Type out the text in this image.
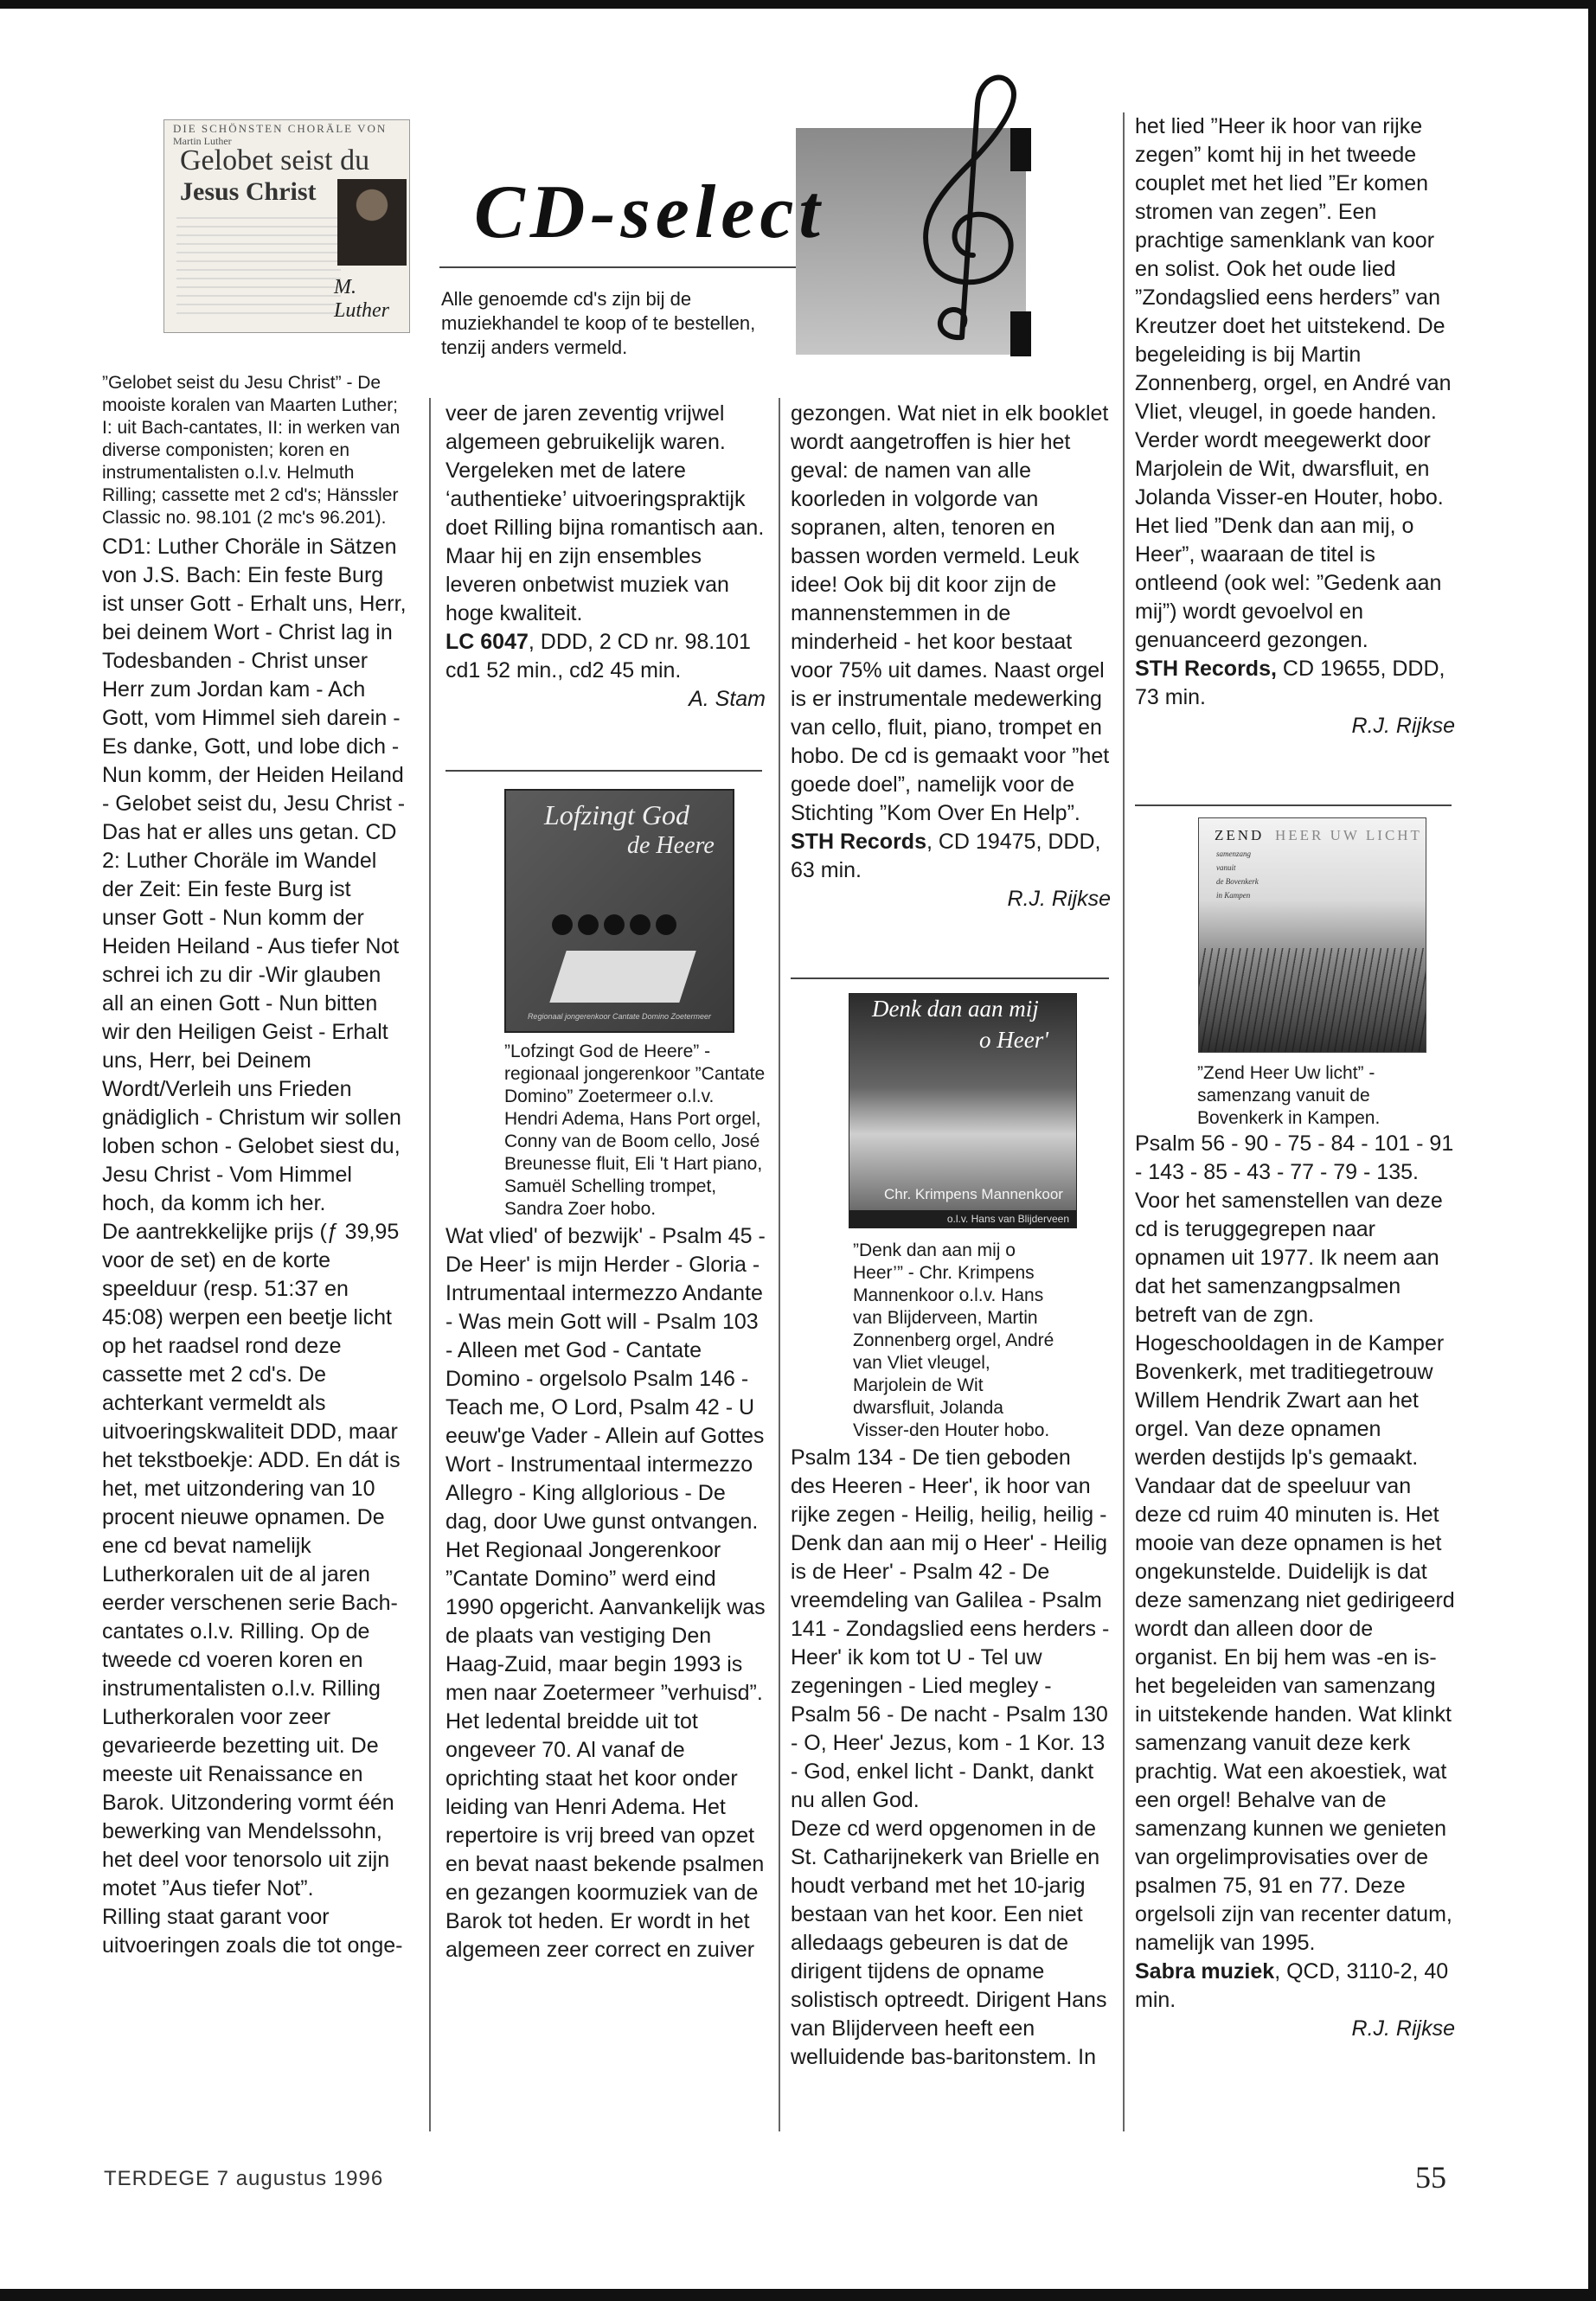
DIE SCHÖNSTEN CHORÄLE VON
Martin Luther
Gelobet seist du
Jesus Christ
M. Luther
CD-select
Alle genoemde cd's zijn bij de muziekhandel te koop of te bestellen, tenzij anders vermeld.

”Gelobet seist du Jesu Christ” - De mooiste koralen van Maarten Luther; I: uit Bach-cantates, II: in werken van diverse componisten; koren en instrumentalisten o.l.v. Helmuth Rilling; cassette met 2 cd's; Hänssler Classic no. 98.101 (2 mc's 96.201).

CD1: Luther Choräle in Sätzen von J.S. Bach: Ein feste Burg ist unser Gott - Erhalt uns, Herr, bei deinem Wort - Christ lag in Todesbanden - Christ unser Herr zum Jordan kam - Ach Gott, vom Himmel sieh darein - Es danke, Gott, und lobe dich - Nun komm, der Heiden Heiland - Gelobet seist du, Jesu Christ - Das hat er alles uns getan. CD 2: Luther Choräle im Wandel der Zeit: Ein feste Burg ist unser Gott - Nun komm der Heiden Heiland - Aus tiefer Not schrei ich zu dir -Wir glauben all an einen Gott - Nun bitten wir den Heiligen Geist - Erhalt uns, Herr, bei Deinem Wordt/Verleih uns Frieden gnädiglich - Christum wir sollen loben schon - Gelobet siest du, Jesu Christ - Vom Himmel hoch, da komm ich her.

De aantrekkelijke prijs (ƒ 39,95 voor de set) en de korte speelduur (resp. 51:37 en 45:08) werpen een beetje licht op het raadsel rond deze cassette met 2 cd's. De achterkant vermeldt als uitvoeringskwaliteit DDD, maar het tekstboekje: ADD. En dát is het, met uitzondering van 10 procent nieuwe opnamen. De ene cd bevat namelijk Lutherkoralen uit de al jaren eerder verschenen serie Bach-cantates o.l.v. Rilling. Op de tweede cd voeren koren en instrumentalisten o.l.v. Rilling Lutherkoralen voor zeer gevarieerde bezetting uit. De meeste uit Renaissance en Barok. Uitzondering vormt één bewerking van Mendelssohn, het deel voor tenorsolo uit zijn motet ”Aus tiefer Not”.

Rilling staat garant voor uitvoeringen zoals die tot onge-

veer de jaren zeventig vrijwel algemeen gebruikelijk waren. Vergeleken met de latere ‘authentieke’ uitvoeringspraktijk doet Rilling bijna romantisch aan. Maar hij en zijn ensembles leveren onbetwist muziek van hoge kwaliteit.

LC 6047, DDD, 2 CD nr. 98.101 cd1 52 min., cd2 45 min.

A. Stam

Lofzingt God
de Heere
Regionaal jongerenkoor Cantate Domino Zoetermeer

”Lofzingt God de Heere” - regionaal jongerenkoor ”Cantate Domino” Zoetermeer o.l.v. Hendri Adema, Hans Port orgel, Conny van de Boom cello, José Breunesse fluit, Eli 't Hart piano, Samuël Schelling trompet, Sandra Zoer hobo.

Wat vlied' of bezwijk' - Psalm 45 - De Heer' is mijn Herder - Gloria - Intrumentaal intermezzo Andante - Was mein Gott will - Psalm 103 - Alleen met God - Cantate Domino - orgelsolo Psalm 146 - Teach me, O Lord, Psalm 42 - U eeuw'ge Vader - Allein auf Gottes Wort - Instrumentaal intermezzo Allegro - King allglorious - De dag, door Uwe gunst ontvangen.

Het Regionaal Jongerenkoor ”Cantate Domino” werd eind 1990 opgericht. Aanvankelijk was de plaats van vestiging Den Haag-Zuid, maar begin 1993 is men naar Zoetermeer ”verhuisd”. Het ledental breidde uit tot ongeveer 70. Al vanaf de oprichting staat het koor onder leiding van Henri Adema. Het repertoire is vrij breed van opzet en bevat naast bekende psalmen en gezangen koormuziek van de Barok tot heden. Er wordt in het algemeen zeer correct en zuiver

gezongen. Wat niet in elk booklet wordt aangetroffen is hier het geval: de namen van alle koorleden in volgorde van sopranen, alten, tenoren en bassen worden vermeld. Leuk idee! Ook bij dit koor zijn de mannenstemmen in de minderheid - het koor bestaat voor 75% uit dames. Naast orgel is er instrumentale medewerking van cello, fluit, piano, trompet en hobo. De cd is gemaakt voor ”het goede doel”, namelijk voor de Stichting ”Kom Over En Help”.

STH Records, CD 19475, DDD, 63 min.

R.J. Rijkse

Denk dan aan mij
o Heer'
Chr. Krimpens Mannenkoor
o.l.v. Hans van Blijderveen

”Denk dan aan mij o Heer’” - Chr. Krimpens Mannenkoor o.l.v. Hans van Blijderveen, Martin Zonnenberg orgel, André van Vliet vleugel, Marjolein de Wit dwarsfluit, Jolanda Visser-den Houter hobo.

Psalm 134 - De tien geboden des Heeren - Heer', ik hoor van rijke zegen - Heilig, heilig, heilig - Denk dan aan mij o Heer' - Heilig is de Heer' - Psalm 42 - De vreemdeling van Galilea - Psalm 141 - Zondagslied eens herders - Heer' ik kom tot U - Tel uw zegeningen - Lied megley - Psalm 56 - De nacht - Psalm 130 - O, Heer' Jezus, kom - 1 Kor. 13 - God, enkel licht - Dankt, dankt nu allen God.

Deze cd werd opgenomen in de St. Catharijnekerk van Brielle en houdt verband met het 10-jarig bestaan van het koor. Een niet alledaags gebeuren is dat de dirigent tijdens de opname solistisch optreedt. Dirigent Hans van Blijderveen heeft een welluidende bas-baritonstem. In

het lied ”Heer ik hoor van rijke zegen” komt hij in het tweede couplet met het lied ”Er komen stromen van zegen”. Een prachtige samenklank van koor en solist. Ook het oude lied ”Zondagslied eens herders” van Kreutzer doet het uitstekend. De begeleiding is bij Martin Zonnenberg, orgel, en André van Vliet, vleugel, in goede handen. Verder wordt meegewerkt door Marjolein de Wit, dwarsfluit, en Jolanda Visser-en Houter, hobo. Het lied ”Denk dan aan mij, o Heer”, waaraan de titel is ontleend (ook wel: ”Gedenk aan mij”) wordt gevoelvol en genuanceerd gezongen.

STH Records, CD 19655, DDD, 73 min.

R.J. Rijkse

ZEND HEER UW LICHT
samenzang
vanuit
de Bovenkerk
in Kampen

”Zend Heer Uw licht” - samenzang vanuit de Bovenkerk in Kampen.

Psalm 56 - 90 - 75 - 84 - 101 - 91 - 143 - 85 - 43 - 77 - 79 - 135.

Voor het samenstellen van deze cd is teruggegrepen naar opnamen uit 1977. Ik neem aan dat het samenzangpsalmen betreft van de zgn. Hogeschooldagen in de Kamper Bovenkerk, met traditiegetrouw Willem Hendrik Zwart aan het orgel. Van deze opnamen werden destijds lp's gemaakt. Vandaar dat de speeluur van deze cd ruim 40 minuten is. Het mooie van deze opnamen is het ongekunstelde. Duidelijk is dat deze samenzang niet gedirigeerd wordt dan alleen door de organist. En bij hem was -en is- het begeleiden van samenzang in uitstekende handen. Wat klinkt samenzang vanuit deze kerk prachtig. Wat een akoestiek, wat een orgel! Behalve van de samenzang kunnen we genieten van orgelimprovisaties over de psalmen 75, 91 en 77. Deze orgelsoli zijn van recenter datum, namelijk van 1995.

Sabra muziek, QCD, 3110-2, 40 min.

R.J. Rijkse

TERDEGE 7 augustus 1996	55
